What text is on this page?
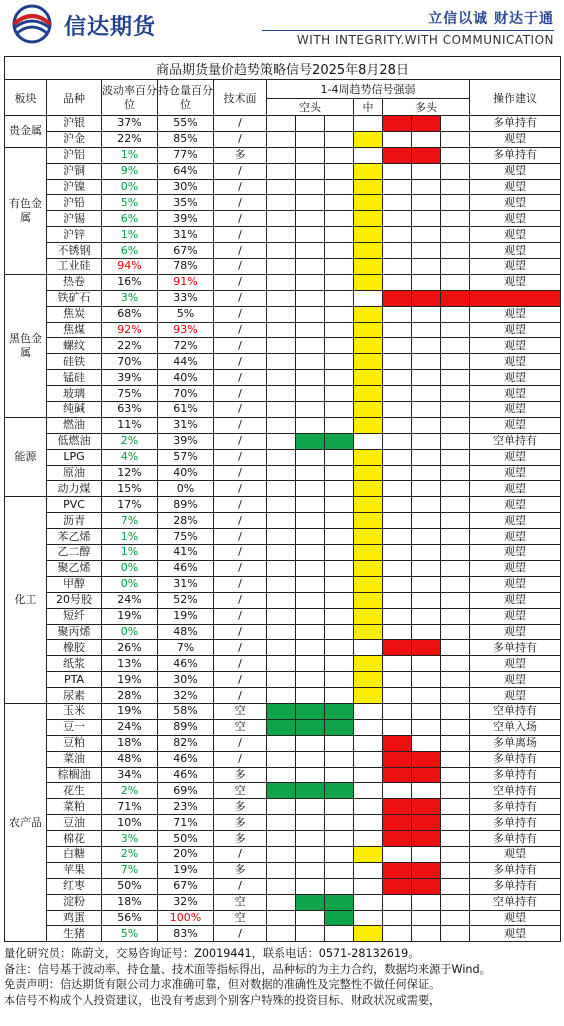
信达期货	立信以诚 财达于通
WITH INTEGRITY.WITH COMMUNICATION
商品期货量价趋势策略信号2025年8月28日													
板块	品种	波动率百分位	持仓量百分位	技术面	1-4周趋势信号强弱							操作建议	
					空头			中	多头				
贵金属	沪银	37%	55%	/								多单持有	
	沪金	22%	85%	/								观望	
有色金属	沪铝	1%	77%	多								多单持有	
	沪铜	9%	64%	/								观望	
	沪镍	0%	30%	/								观望	
	沪铅	5%	35%	/								观望	
	沪锡	6%	39%	/								观望	
	沪锌	1%	31%	/								观望	
	不锈钢	6%	67%	/								观望	
	工业硅	94%	78%	/								观望	
黑色金属	热卷	16%	91%	/								观望	
	铁矿石	3%	33%	/									
	焦炭	68%	5%	/								观望	
	焦煤	92%	93%	/								观望	
	螺纹	22%	72%	/								观望	
	硅铁	70%	44%	/								观望	
	锰硅	39%	40%	/								观望	
	玻璃	75%	70%	/								观望	
	纯碱	63%	61%	/								观望	
能源	燃油	11%	31%	/								观望	
	低燃油	2%	39%	/								空单持有	
	LPG	4%	57%	/								观望	
	原油	12%	40%	/								观望	
	动力煤	15%	0%	/								观望	
化工	PVC	17%	89%	/								观望	
	沥青	7%	28%	/								观望	
	苯乙烯	1%	75%	/								观望	
	乙二醇	1%	41%	/								观望	
	聚乙烯	0%	46%	/								观望	
	甲醇	0%	31%	/								观望	
	20号胶	24%	52%	/								观望	
	短纤	19%	19%	/								观望	
	聚丙烯	0%	48%	/								观望	
	橡胶	26%	7%	/								多单持有	
	纸浆	13%	46%	/								观望	
	PTA	19%	30%	/								观望	
	尿素	28%	32%	/								观望	
农产品	玉米	19%	58%	空								空单持有	
	豆一	24%	89%	空								空单入场	
	豆粕	18%	82%	/								多单离场	
	菜油	48%	46%	/								多单持有	
	棕榈油	34%	46%	多								多单持有	
	花生	2%	69%	空								空单持有	
	菜粕	71%	23%	多								多单持有	
	豆油	10%	71%	多								多单持有	
	棉花	3%	50%	多								多单持有	
	白糖	2%	20%	/								观望	
	苹果	7%	19%	多								多单持有	
	红枣	50%	67%	/								多单持有	
	淀粉	18%	32%	空								空单持有	
	鸡蛋	56%	100%	空								观望	
	生猪	5%	83%	/								观望	
量化研究员：陈蔚文，交易咨询证号：Z0019441，联系电话：0571-28132619。
备注：信号基于波动率、持仓量、技术面等指标得出，品种标的为主力合约，数据均来源于Wind。
免责声明：信达期货有限公司力求准确可靠，但对数据的准确性及完整性不做任何保证。
本信号不构成个人投资建议，也没有考虑到个别客户特殊的投资目标、财政状况或需要，
